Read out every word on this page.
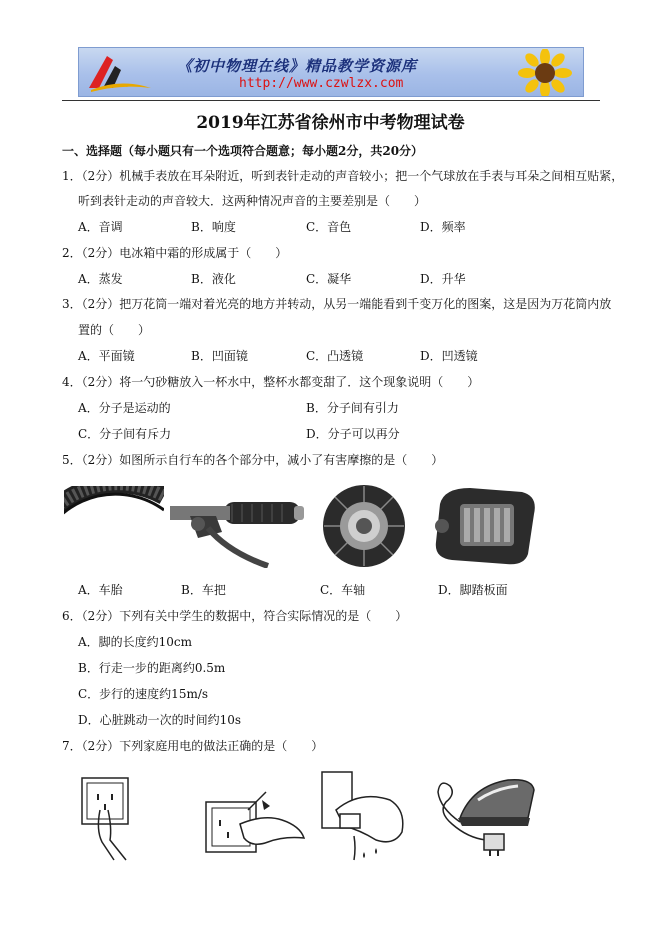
《初中物理在线》精品教学资源库
http://www.czwlzx.com
2019年江苏省徐州市中考物理试卷
一、选择题（每小题只有一个选项符合题意；每小题2分，共20分）
1．（2分）机械手表放在耳朵附近，听到表针走动的声音较小；把一个气球放在手表与耳朵之间相互贴紧，
听到表针走动的声音较大．这两种情况声音的主要差别是（　　）
A．音调	B．响度	C．音色	D．频率
2．（2分）电冰箱中霜的形成属于（　　）
A．蒸发	B．液化	C．凝华	D．升华
3．（2分）把万花筒一端对着光亮的地方并转动，从另一端能看到千变万化的图案，这是因为万花筒内放
置的（　　）
A．平面镜	B．凹面镜	C．凸透镜	D．凹透镜
4．（2分）将一勺砂糖放入一杯水中，整杯水都变甜了．这个现象说明（　　）
A．分子是运动的	B．分子间有引力
C．分子间有斥力	D．分子可以再分
5．（2分）如图所示自行车的各个部分中，减小了有害摩擦的是（　　）
A．车胎	B．车把	C．车轴	D．脚踏板面
6．（2分）下列有关中学生的数据中，符合实际情况的是（　　）
A．脚的长度约10cm
B．行走一步的距离约0.5m
C．步行的速度约15m/s
D．心脏跳动一次的时间约10s
7．（2分）下列家庭用电的做法正确的是（　　）
